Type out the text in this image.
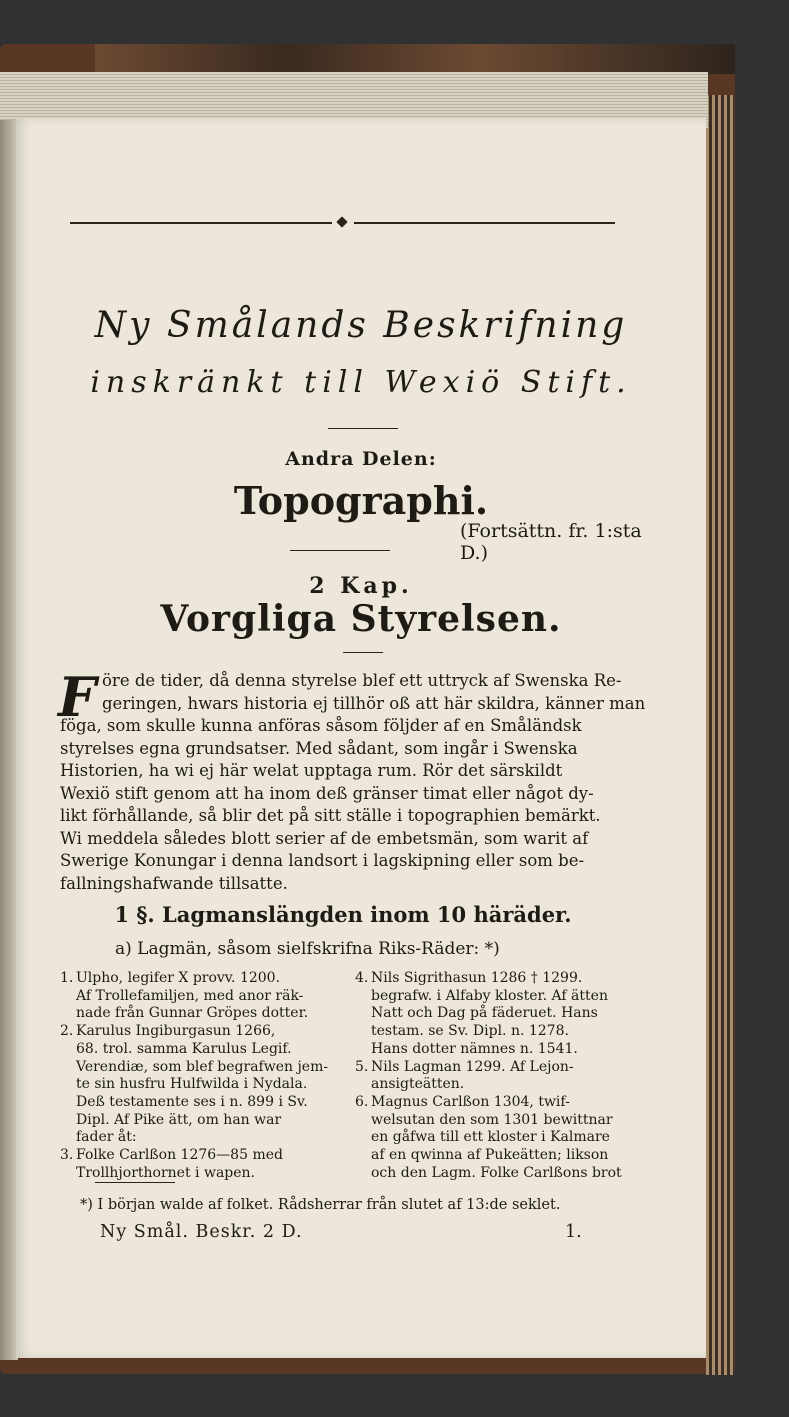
Ny Smålands Beskrifning
inskränkt till Wexiö Stift.
Andra Delen:
Topographi.
(Fortsättn. fr. 1:sta D.)
2 Kap.
Vorgliga Styrelsen.
F öre de tider, då denna styrelse blef ett uttryck af Swenska Re-
geringen, hwars historia ej tillhör oß att här skildra, känner man
föga, som skulle kunna anföras såsom följder af en Småländsk
styrelses egna grundsatser. Med sådant, som ingår i Swenska
Historien, ha wi ej här welat upptaga rum. Rör det särskildt
Wexiö stift genom att ha inom deß gränser timat eller något dy-
likt förhållande, så blir det på sitt ställe i topographien bemärkt.
Wi meddela således blott serier af de embetsmän, som warit af
Swerige Konungar i denna landsort i lagskipning eller som be-
fallningshafwande tillsatte.
1 §. Lagmanslängden inom 10 häräder.
a) Lagmän, såsom sielfskrifna Riks-Räder: *)
1. Ulpho, legifer X provv. 1200.
Af Trollefamiljen, med anor räk-
nade från Gunnar Gröpes dotter.
2. Karulus Ingiburgasun 1266,
68. trol. samma Karulus Legif.
Verendiæ, som blef begrafwen jem-
te sin husfru Hulfwilda i Nydala.
Deß testamente ses i n. 899 i Sv.
Dipl. Af Pike ätt, om han war
fader åt:
3. Folke Carlßon 1276—85 med
Trollhjorthornet i wapen.
4. Nils Sigrithasun 1286 † 1299.
begrafw. i Alfaby kloster. Af ätten
Natt och Dag på fäderuet. Hans
testam. se Sv. Dipl. n. 1278.
Hans dotter nämnes n. 1541.
5. Nils Lagman 1299. Af Lejon-
ansigteätten.
6. Magnus Carlßon 1304, twif-
welsutan den som 1301 bewittnar
en gåfwa till ett kloster i Kalmare
af en qwinna af Pukeätten; likson
och den Lagm. Folke Carlßons brot
*) I början walde af folket. Rådsherrar från slutet af 13:de seklet.
Ny Smål. Beskr. 2 D.	1.
